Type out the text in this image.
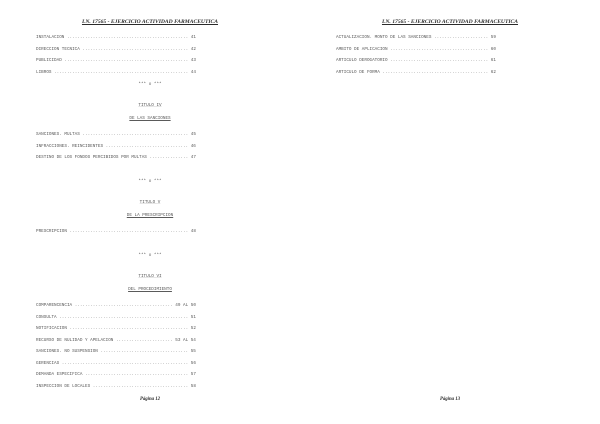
LN. 17565 - EJERCICIO ACTIVIDAD FARMACEUTICA
INSTALACION ............................................... 41
DIRECCION TECNICA ......................................... 42
PUBLICIDAD ................................................ 43
LIBROS .................................................... 44
*** o ***
TITULO IV
‾‾‾‾‾‾‾‾‾
DE LAS SANCIONES
SANCIONES. MULTAS ......................................... 45
INFRACCIONES. REINCIDENTES ................................ 46
DESTINO DE LOS FONDOS PERCIBIDOS POR MULTAS ............... 47
*** o ***
TITULO V
‾‾‾‾‾‾‾‾
DE LA PRESCRIPCION
PRESCRIPCION .............................................. 48
*** o ***
TITULO VI
‾‾‾‾‾‾‾‾‾
DEL PROCEDIMIENTO
COMPARENCENCIA ...................................... 49 AL 50
CONSULTA .................................................. 51
NOTIFICACION .............................................. 52
RECURSO DE NULIDAD Y APELACION ...................... 53 AL 54
SANCIONES. NO SUSPENSION .................................. 55
GERENCIAS ................................................. 56
DEMANDA ESPECIFICA ........................................ 57
INSPECCION DE LOCALES ..................................... 58
Página 12
LN. 17565 - EJERCICIO ACTIVIDAD FARMACEUTICA
ACTUALIZACION. MONTO DE LAS SANCIONES ..................... 59
AMBITO DE APLICACION ...................................... 60
ARTICULO DEROGATORIO ...................................... 61
ARTICULO DE FORMA ......................................... 62
Página 13
